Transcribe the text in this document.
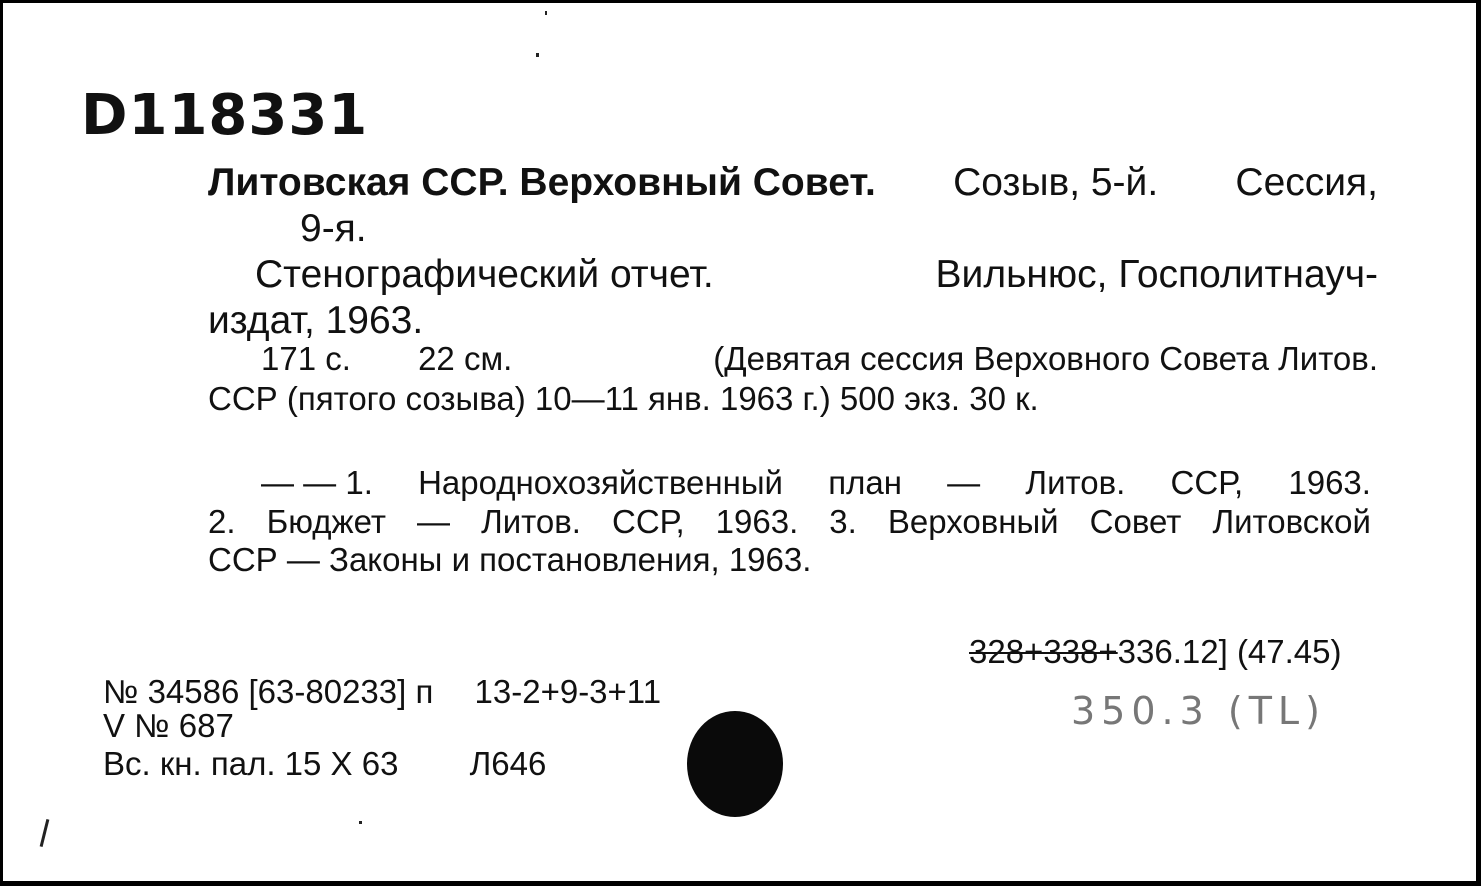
D118331
Литовская ССР. Верховный Совет. Созыв, 5-й. Сессия,
9-я.
Стенографический отчет.	Вильнюс, Госполитнауч-
издат, 1963.
171 с. 22 см.	(Девятая сессия Верховного Совета Литов.
ССР (пятого созыва) 10—11 янв. 1963 г.) 500 экз. 30 к.
— — 1. Народнохозяйственный план — Литов. ССР, 1963.
2. Бюджет — Литов. ССР, 1963. 3. Верховный Совет Литовской
ССР — Законы и постановления, 1963.
328+338+336.12] (47.45)
350.3 (TL)
№ 34586 [63-80233] п 13-2+9-3+11
V № 687
Вс. кн. пал. 15 X 63 Л646
